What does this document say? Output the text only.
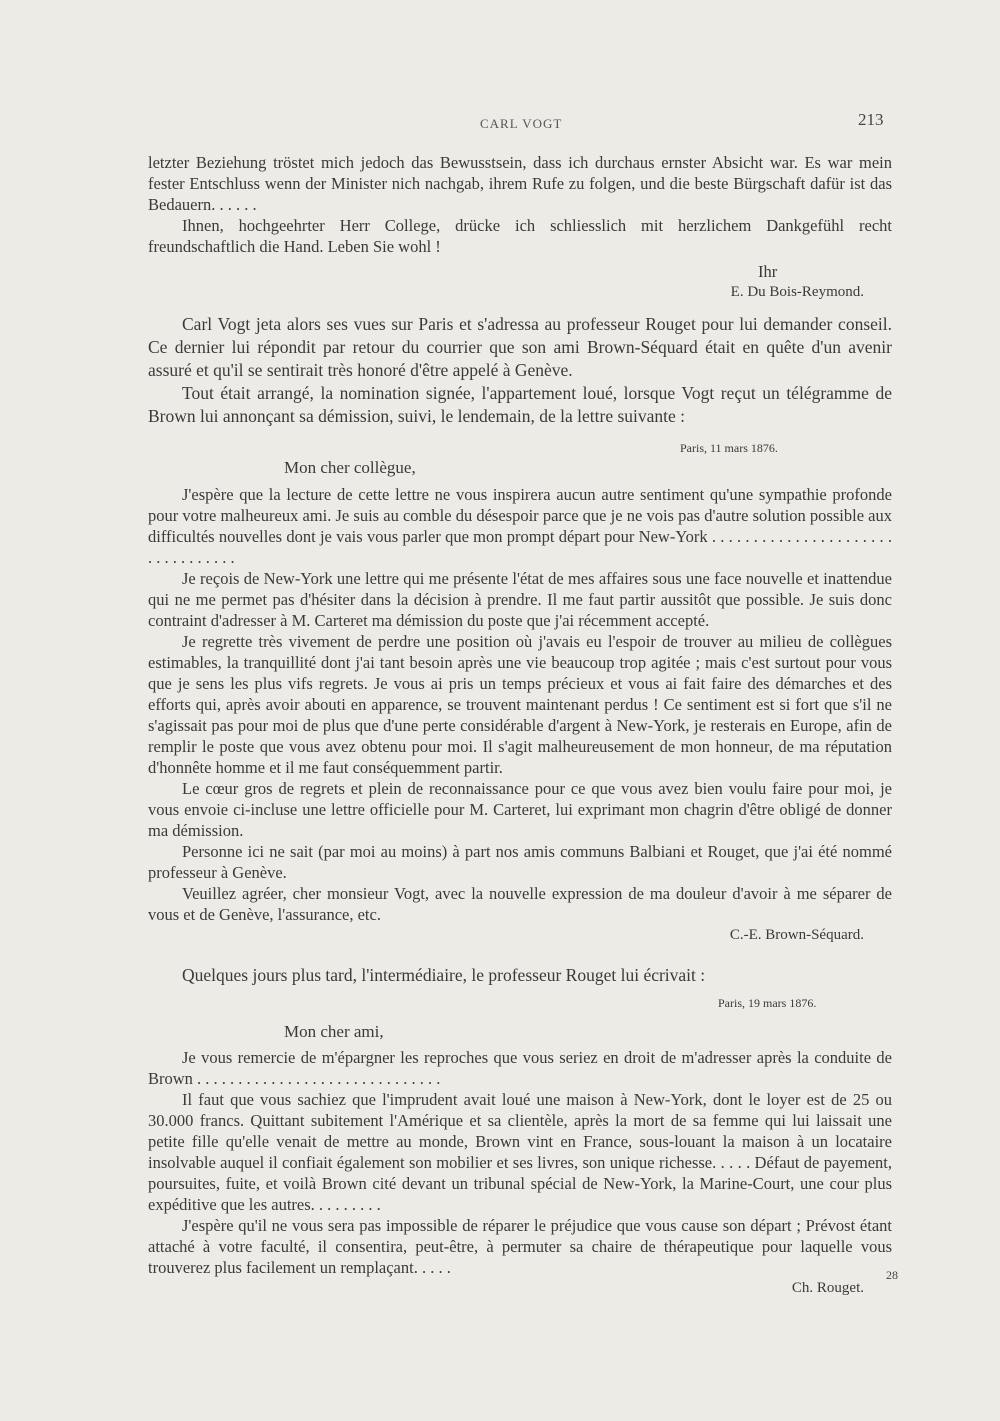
CARL VOGT	213

letzter Beziehung tröstet mich jedoch das Bewusstsein, dass ich durchaus ernster Absicht war. Es war mein fester Entschluss wenn der Minister nich nachgab, ihrem Rufe zu folgen, und die beste Bürgschaft dafür ist das Bedauern. . . . . .

Ihnen, hochgeehrter Herr College, drücke ich schliesslich mit herzlichem Dankgefühl recht freundschaftlich die Hand. Leben Sie wohl !

Ihr

E. Du Bois-Reymond.

Carl Vogt jeta alors ses vues sur Paris et s'adressa au professeur Rouget pour lui demander conseil. Ce dernier lui répondit par retour du courrier que son ami Brown-Séquard était en quête d'un avenir assuré et qu'il se sentirait très honoré d'être appelé à Genève.

Tout était arrangé, la nomination signée, l'appartement loué, lorsque Vogt reçut un télégramme de Brown lui annonçant sa démission, suivi, le lendemain, de la lettre suivante :

Paris, 11 mars 1876.
Mon cher collègue,

J'espère que la lecture de cette lettre ne vous inspirera aucun autre sentiment qu'une sympathie profonde pour votre malheureux ami. Je suis au comble du désespoir parce que je ne vois pas d'autre solution possible aux difficultés nouvelles dont je vais vous parler que mon prompt départ pour New-York . . . . . . . . . . . . . . . . . . . . . . . . . . . . . . . . .

Je reçois de New-York une lettre qui me présente l'état de mes affaires sous une face nouvelle et inattendue qui ne me permet pas d'hésiter dans la décision à prendre. Il me faut partir aussitôt que possible. Je suis donc contraint d'adresser à M. Carteret ma démission du poste que j'ai récemment accepté.

Je regrette très vivement de perdre une position où j'avais eu l'espoir de trouver au milieu de collègues estimables, la tranquillité dont j'ai tant besoin après une vie beaucoup trop agitée ; mais c'est surtout pour vous que je sens les plus vifs regrets. Je vous ai pris un temps précieux et vous ai fait faire des démarches et des efforts qui, après avoir abouti en apparence, se trouvent maintenant perdus ! Ce sentiment est si fort que s'il ne s'agissait pas pour moi de plus que d'une perte considérable d'argent à New-York, je resterais en Europe, afin de remplir le poste que vous avez obtenu pour moi. Il s'agit malheureusement de mon honneur, de ma réputation d'honnête homme et il me faut conséquemment partir.

Le cœur gros de regrets et plein de reconnaissance pour ce que vous avez bien voulu faire pour moi, je vous envoie ci-incluse une lettre officielle pour M. Carteret, lui exprimant mon chagrin d'être obligé de donner ma démission.

Personne ici ne sait (par moi au moins) à part nos amis communs Balbiani et Rouget, que j'ai été nommé professeur à Genève.

Veuillez agréer, cher monsieur Vogt, avec la nouvelle expression de ma douleur d'avoir à me séparer de vous et de Genève, l'assurance, etc.

C.-E. Brown-Séquard.

Quelques jours plus tard, l'intermédiaire, le professeur Rouget lui écrivait :

Paris, 19 mars 1876.
Mon cher ami,

Je vous remercie de m'épargner les reproches que vous seriez en droit de m'adresser après la conduite de Brown . . . . . . . . . . . . . . . . . . . . . . . . . . . . . .

Il faut que vous sachiez que l'imprudent avait loué une maison à New-York, dont le loyer est de 25 ou 30.000 francs. Quittant subitement l'Amérique et sa clientèle, après la mort de sa femme qui lui laissait une petite fille qu'elle venait de mettre au monde, Brown vint en France, sous-louant la maison à un locataire insolvable auquel il confiait également son mobilier et ses livres, son unique richesse. . . . . Défaut de payement, poursuites, fuite, et voilà Brown cité devant un tribunal spécial de New-York, la Marine-Court, une cour plus expéditive que les autres. . . . . . . . .

J'espère qu'il ne vous sera pas impossible de réparer le préjudice que vous cause son départ ; Prévost étant attaché à votre faculté, il consentira, peut-être, à permuter sa chaire de thérapeutique pour laquelle vous trouverez plus facilement un remplaçant. . . . .

Ch. Rouget.

28
